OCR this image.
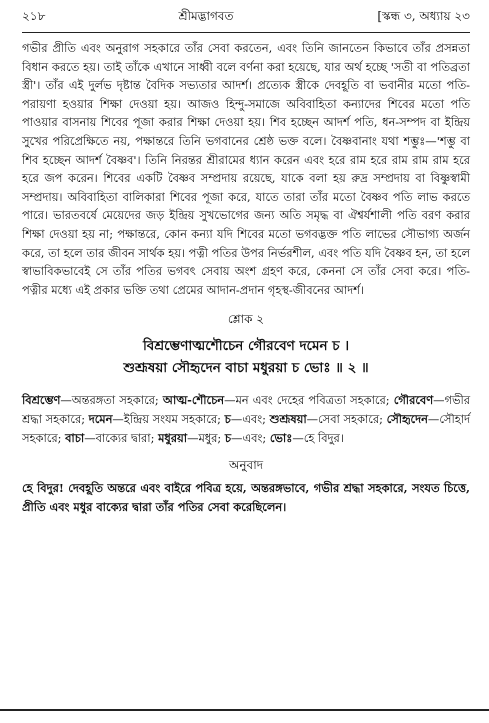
২১৮	শ্রীমদ্ভাগবত	[স্কন্ধ ৩, অধ্যায় ২৩

গভীর প্রীতি এবং অনুরাগ সহকারে তাঁর সেবা করতেন, এবং তিনি জানতেন কিভাবে তাঁর প্রসন্নতা বিধান করতে হয়। তাই তাঁকে এখানে সাধ্বী বলে বর্ণনা করা হয়েছে, যার অর্থ হচ্ছে 'সতী বা পতিব্রতা স্ত্রী'। তাঁর এই দুর্লভ দৃষ্টান্ত বৈদিক সভ্যতার আদর্শ। প্রত্যেক স্ত্রীকে দেবহূতি বা ভবানীর মতো পতি-পরায়ণা হওয়ার শিক্ষা দেওয়া হয়। আজও হিন্দু-সমাজে অবিবাহিতা কন্যাদের শিবের মতো পতি পাওয়ার বাসনায় শিবের পূজা করার শিক্ষা দেওয়া হয়। শিব হচ্ছেন আদর্শ পতি, ধন-সম্পদ বা ইন্দ্রিয় সুখের পরিপ্রেক্ষিতে নয়, পক্ষান্তরে তিনি ভগবানের শ্রেষ্ঠ ভক্ত বলে। বৈষ্ণবানাং যথা শম্ভুঃ—'শম্ভু বা শিব হচ্ছেন আদর্শ বৈষ্ণব'। তিনি নিরন্তর শ্রীরামের ধ্যান করেন এবং হরে রাম হরে রাম রাম রাম হরে হরে জপ করেন। শিবের একটি বৈষ্ণব সম্প্রদায় রয়েছে, যাকে বলা হয় রুদ্র সম্প্রদায় বা বিষ্ণুস্বামী সম্প্রদায়। অবিবাহিতা বালিকারা শিবের পূজা করে, যাতে তারা তাঁর মতো বৈষ্ণব পতি লাভ করতে পারে। ভারতবর্ষে মেয়েদের জড় ইন্দ্রিয় সুখভোগের জন্য অতি সমৃদ্ধ বা ঐশ্বর্যশালী পতি বরণ করার শিক্ষা দেওয়া হয় না; পক্ষান্তরে, কোন কন্যা যদি শিবের মতো ভগবদ্ভক্ত পতি লাভের সৌভাগ্য অর্জন করে, তা হলে তার জীবন সার্থক হয়। পত্নী পতির উপর নির্ভরশীল, এবং পতি যদি বৈষ্ণব হন, তা হলে স্বাভাবিকভাবেই সে তাঁর পতির ভগবৎ সেবায় অংশ গ্রহণ করে, কেননা সে তাঁর সেবা করে। পতি-পত্নীর মধ্যে এই প্রকার ভক্তি তথা প্রেমের আদান-প্রদান গৃহস্থ-জীবনের আদর্শ।

শ্লোক ২

বিশ্রম্ভেণাত্মশৌচেন গৌরবেণ দমেন চ ।

শুশ্রূষয়া সৌহৃদেন বাচা মধুরয়া চ ভোঃ ॥ ২ ॥

বিশ্রম্ভেণ—অন্তরঙ্গতা সহকারে; আত্ম-শৌচেন—মন এবং দেহের পবিত্রতা সহকারে; গৌরবেণ—গভীর শ্রদ্ধা সহকারে; দমেন—ইন্দ্রিয় সংযম সহকারে; চ—এবং; শুশ্রূষয়া—সেবা সহকারে; সৌহৃদেন—সৌহার্দ সহকারে; বাচা—বাক্যের দ্বারা; মধুরয়া—মধুর; চ—এবং; ভোঃ—হে বিদুর।
অনুবাদ

হে বিদুর! দেবহূতি অন্তরে এবং বাইরে পবিত্র হয়ে, অন্তরঙ্গভাবে, গভীর শ্রদ্ধা সহকারে, সংযত চিত্তে, প্রীতি এবং মধুর বাক্যের দ্বারা তাঁর পতির সেবা করেছিলেন।
